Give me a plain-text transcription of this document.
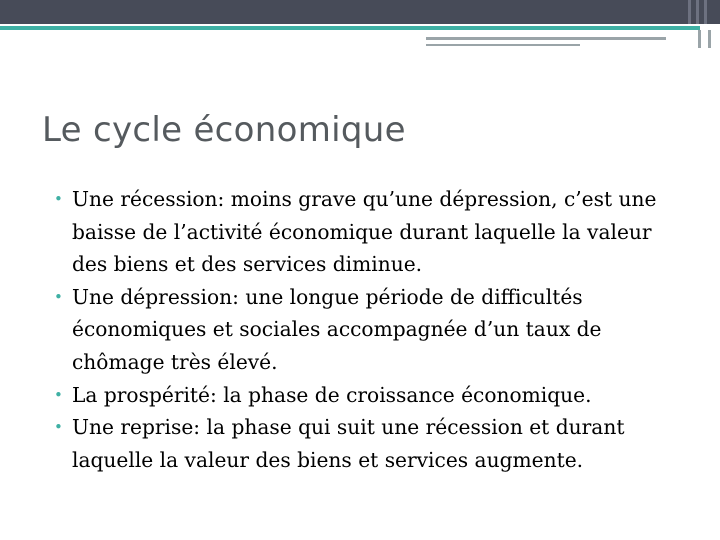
Le cycle économique
• Une récession: moins grave qu’une dépression, c’est une baisse de l’activité économique durant laquelle la valeur des biens et des services diminue.
• Une dépression: une longue période de difficultés économiques et sociales accompagnée d’un taux de chômage très élevé.
• La prospérité: la phase de croissance économique.
• Une reprise: la phase qui suit une récession et durant laquelle la valeur des biens et services augmente.
